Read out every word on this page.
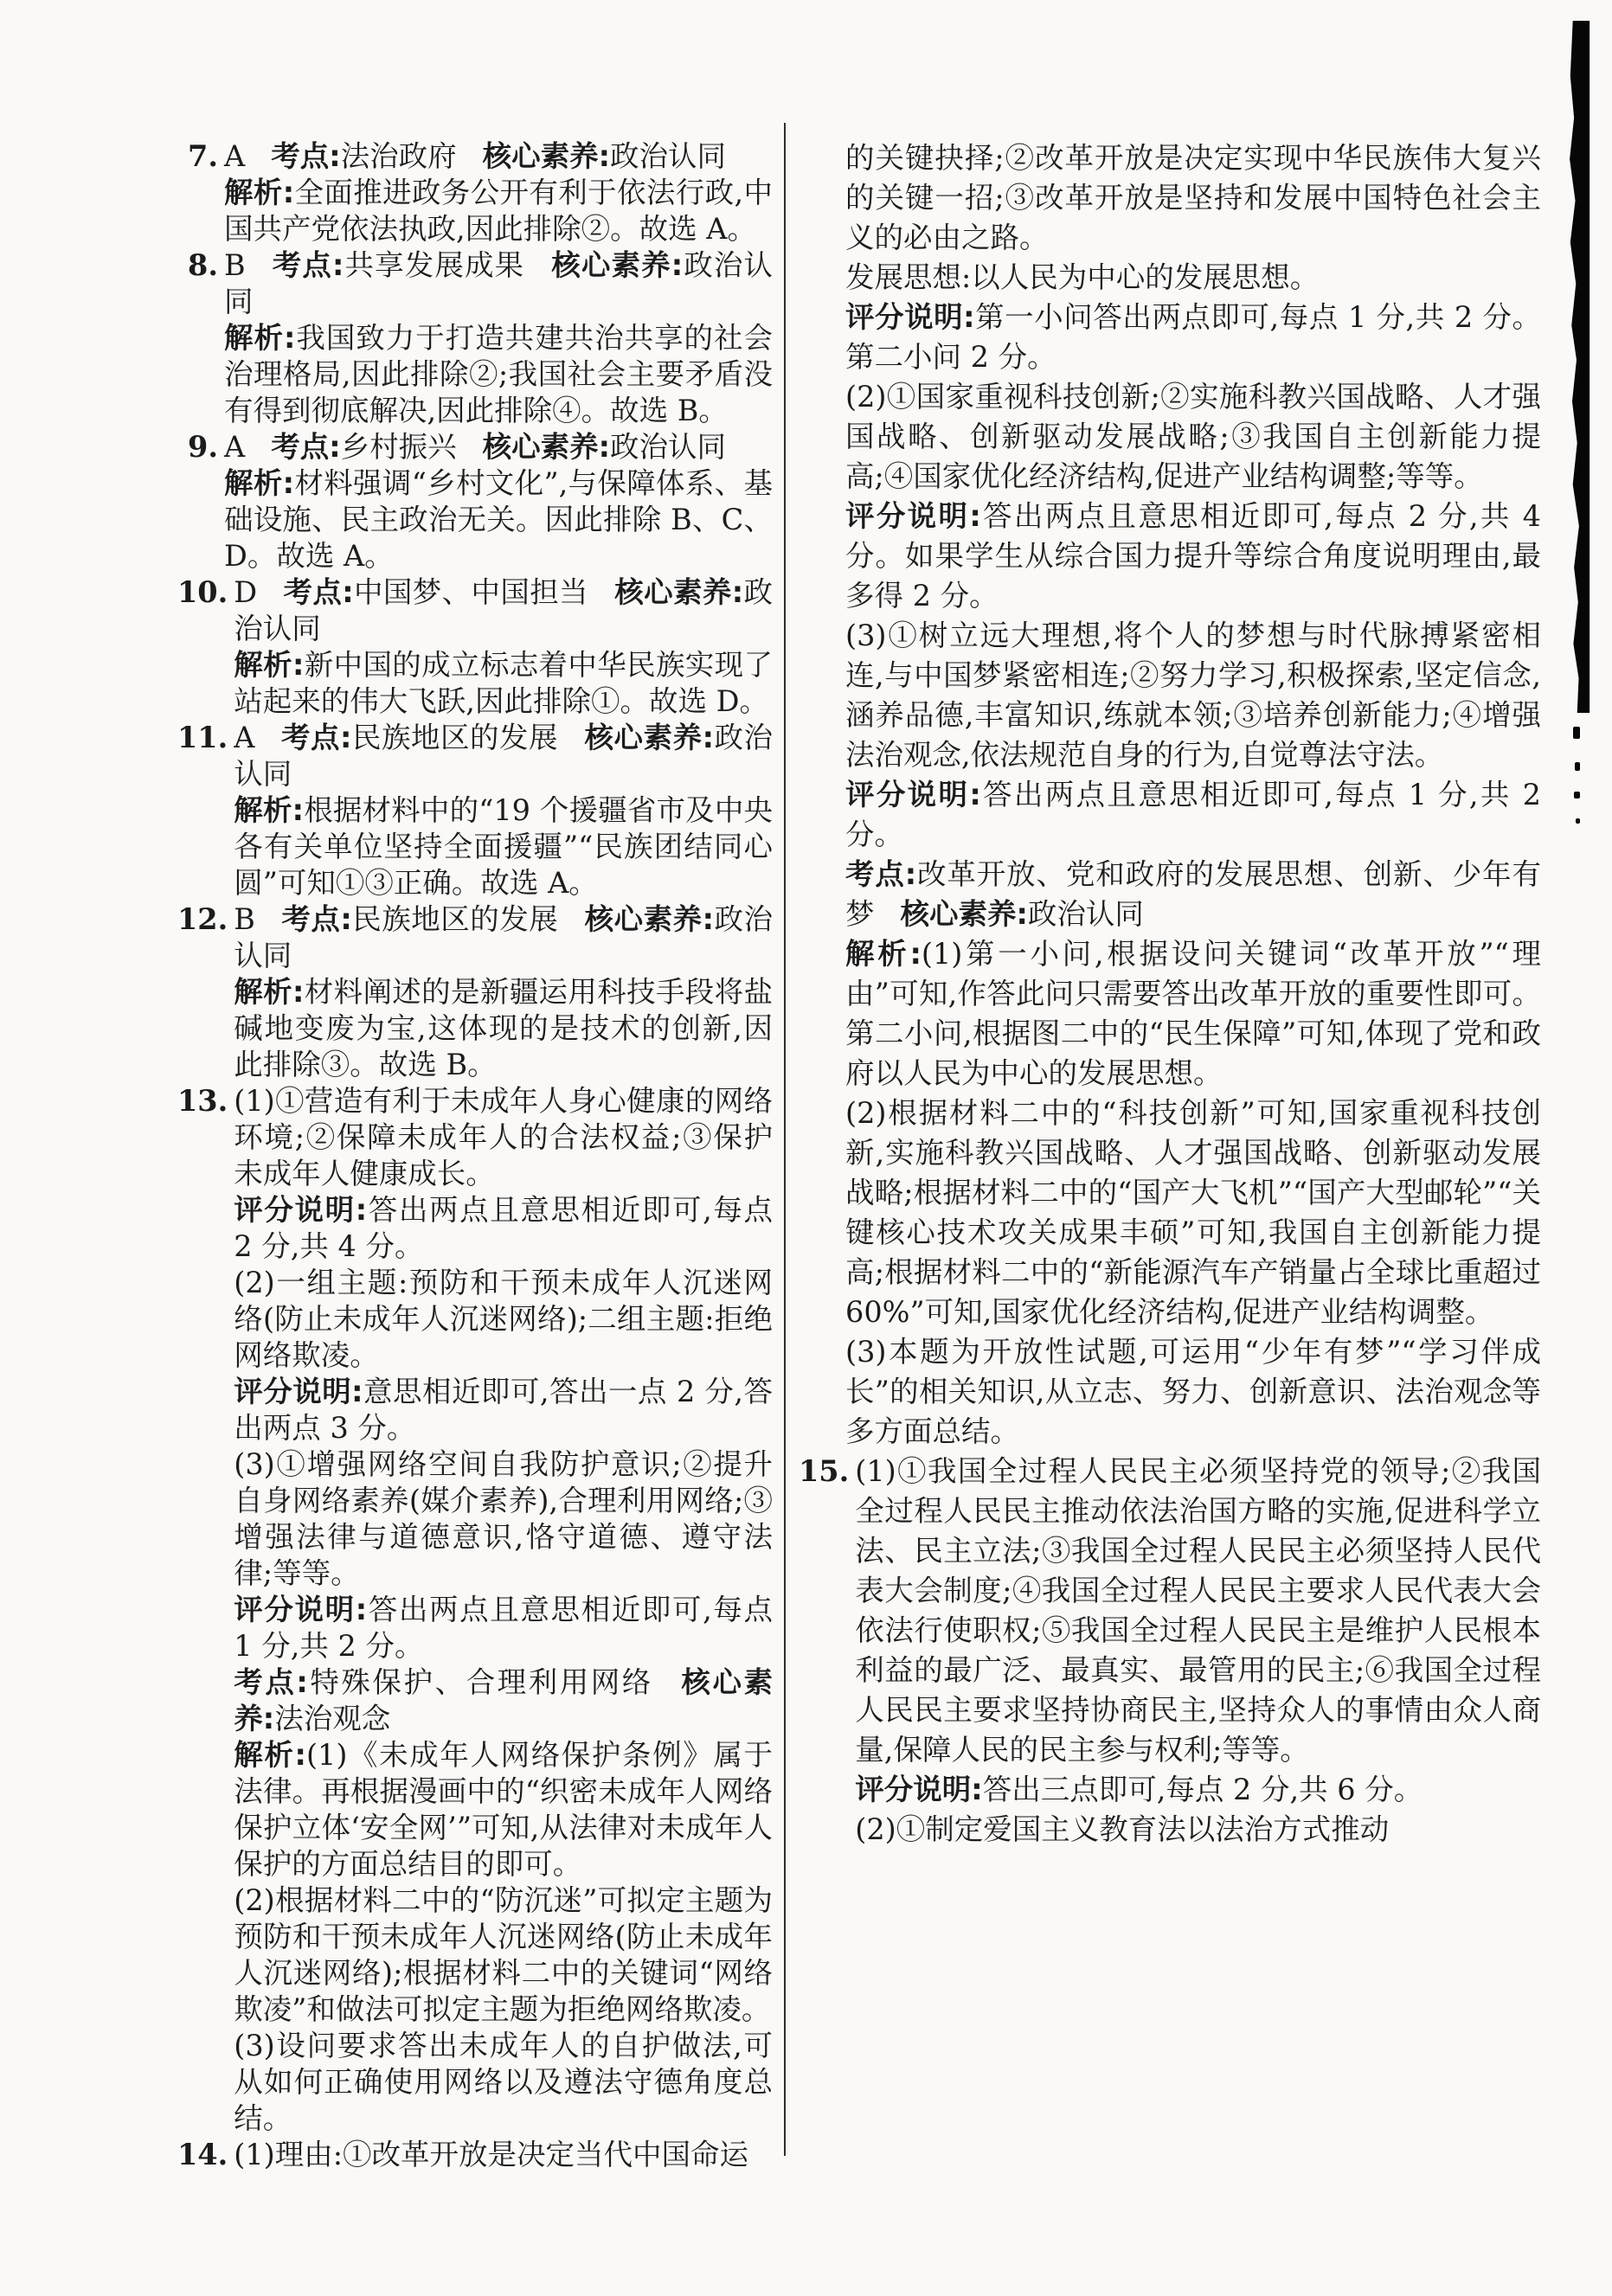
7. A 考点:法治政府 核心素养:政治认同
解析:全面推进政务公开有利于依法行政,中国共产党依法执政,因此排除②。故选 A。
8. B 考点:共享发展成果 核心素养:政治认同
解析:我国致力于打造共建共治共享的社会治理格局,因此排除②;我国社会主要矛盾没有得到彻底解决,因此排除④。故选 B。
9. A 考点:乡村振兴 核心素养:政治认同
解析:材料强调“乡村文化”,与保障体系、基础设施、民主政治无关。因此排除 B、C、D。故选 A。
10. D 考点:中国梦、中国担当 核心素养:政治认同
解析:新中国的成立标志着中华民族实现了站起来的伟大飞跃,因此排除①。故选 D。
11. A 考点:民族地区的发展 核心素养:政治认同
解析:根据材料中的“19 个援疆省市及中央各有关单位坚持全面援疆”“民族团结同心圆”可知①③正确。故选 A。
12. B 考点:民族地区的发展 核心素养:政治认同
解析:材料阐述的是新疆运用科技手段将盐碱地变废为宝,这体现的是技术的创新,因此排除③。故选 B。
13. (1)①营造有利于未成年人身心健康的网络环境;②保障未成年人的合法权益;③保护未成年人健康成长。
评分说明:答出两点且意思相近即可,每点 2 分,共 4 分。
(2)一组主题:预防和干预未成年人沉迷网络(防止未成年人沉迷网络);二组主题:拒绝网络欺凌。
评分说明:意思相近即可,答出一点 2 分,答出两点 3 分。
(3)①增强网络空间自我防护意识;②提升自身网络素养(媒介素养),合理利用网络;③增强法律与道德意识,恪守道德、遵守法律;等等。
评分说明:答出两点且意思相近即可,每点 1 分,共 2 分。
考点:特殊保护、合理利用网络 核心素养:法治观念
解析:(1)《未成年人网络保护条例》属于法律。再根据漫画中的“织密未成年人网络保护立体‘安全网’”可知,从法律对未成年人保护的方面总结目的即可。
(2)根据材料二中的“防沉迷”可拟定主题为预防和干预未成年人沉迷网络(防止未成年人沉迷网络);根据材料二中的关键词“网络欺凌”和做法可拟定主题为拒绝网络欺凌。
(3)设问要求答出未成年人的自护做法,可从如何正确使用网络以及遵法守德角度总结。
14. (1)理由:①改革开放是决定当代中国命运
的关键抉择;②改革开放是决定实现中华民族伟大复兴的关键一招;③改革开放是坚持和发展中国特色社会主义的必由之路。
发展思想:以人民为中心的发展思想。
评分说明:第一小问答出两点即可,每点 1 分,共 2 分。第二小问 2 分。
(2)①国家重视科技创新;②实施科教兴国战略、人才强国战略、创新驱动发展战略;③我国自主创新能力提高;④国家优化经济结构,促进产业结构调整;等等。
评分说明:答出两点且意思相近即可,每点 2 分,共 4 分。如果学生从综合国力提升等综合角度说明理由,最多得 2 分。
(3)①树立远大理想,将个人的梦想与时代脉搏紧密相连,与中国梦紧密相连;②努力学习,积极探索,坚定信念,涵养品德,丰富知识,练就本领;③培养创新能力;④增强法治观念,依法规范自身的行为,自觉尊法守法。
评分说明:答出两点且意思相近即可,每点 1 分,共 2 分。
考点:改革开放、党和政府的发展思想、创新、少年有梦 核心素养:政治认同
解析:(1)第一小问,根据设问关键词“改革开放”“理由”可知,作答此问只需要答出改革开放的重要性即可。第二小问,根据图二中的“民生保障”可知,体现了党和政府以人民为中心的发展思想。
(2)根据材料二中的“科技创新”可知,国家重视科技创新,实施科教兴国战略、人才强国战略、创新驱动发展战略;根据材料二中的“国产大飞机”“国产大型邮轮”“关键核心技术攻关成果丰硕”可知,我国自主创新能力提高;根据材料二中的“新能源汽车产销量占全球比重超过 60%”可知,国家优化经济结构,促进产业结构调整。
(3)本题为开放性试题,可运用“少年有梦”“学习伴成长”的相关知识,从立志、努力、创新意识、法治观念等多方面总结。
15. (1)①我国全过程人民民主必须坚持党的领导;②我国全过程人民民主推动依法治国方略的实施,促进科学立法、民主立法;③我国全过程人民民主必须坚持人民代表大会制度;④我国全过程人民民主要求人民代表大会依法行使职权;⑤我国全过程人民民主是维护人民根本利益的最广泛、最真实、最管用的民主;⑥我国全过程人民民主要求坚持协商民主,坚持众人的事情由众人商量,保障人民的民主参与权利;等等。
评分说明:答出三点即可,每点 2 分,共 6 分。
(2)①制定爱国主义教育法以法治方式推动
